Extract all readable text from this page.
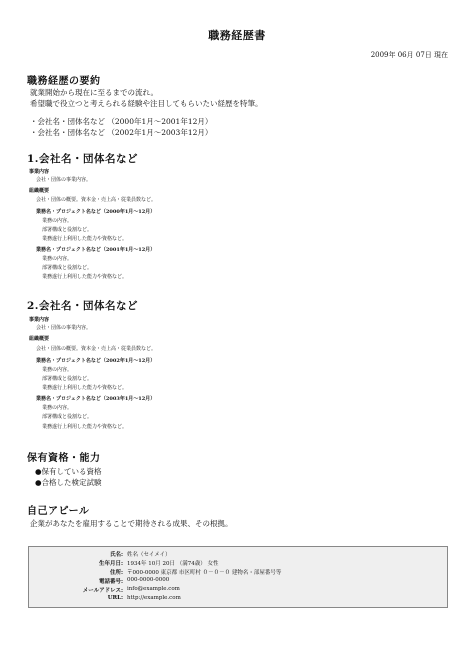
職務経歴書
2009年 06月 07日 現在
職務経歴の要約
就業開始から現在に至るまでの流れ。
希望職で役立つと考えられる経験や注目してもらいたい経歴を特筆。
・会社名・団体名など （2000年1月～2001年12月）
・会社名・団体名など （2002年1月～2003年12月）
1.会社名・団体名など
事業内容
会社・団体の事業内容。
組織概要
会社・団体の概要。資本金・売上高・従業員数など。
業務名・プロジェクト名など（2000年1月～12月）
業務の内容。
部署構成と役割など。
業務遂行上利用した能力や資格など。
業務名・プロジェクト名など（2001年1月～12月）
業務の内容。
部署構成と役割など。
業務遂行上利用した能力や資格など。
2.会社名・団体名など
事業内容
会社・団体の事業内容。
組織概要
会社・団体の概要。資本金・売上高・従業員数など。
業務名・プロジェクト名など（2002年1月～12月）
業務の内容。
部署構成と役割など。
業務遂行上利用した能力や資格など。
業務名・プロジェクト名など（2003年1月～12月）
業務の内容。
部署構成と役割など。
業務遂行上利用した能力や資格など。
保有資格・能力
●保有している資格
●合格した検定試験
自己アピール
企業があなたを雇用することで期待される成果、その根拠。
氏名: 姓名（セイメイ）
生年月日: 1934年 10月 20日 （満74歳） 女性
住所: 〒000-0000 東京都 市区町村 ０－０－０ 建物名・部屋番号等
電話番号: 000-0000-0000
メールアドレス: info@example.com
URL: http://example.com
